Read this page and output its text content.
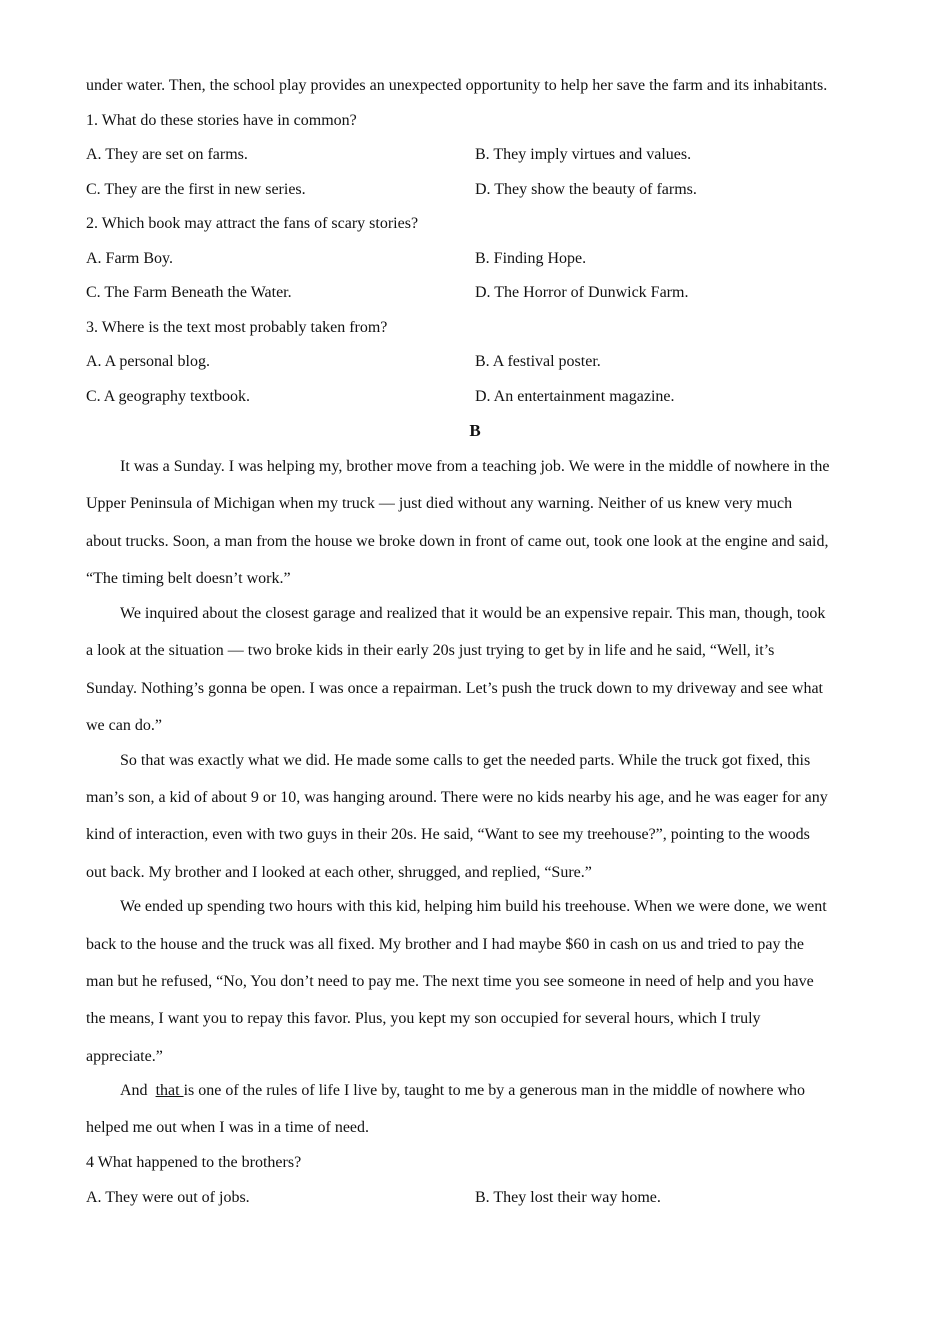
under water. Then, the school play provides an unexpected opportunity to help her save the farm and its inhabitants.
1. What do these stories have in common?
A. They are set on farms.	B. They imply virtues and values.
C. They are the first in new series.	D. They show the beauty of farms.
2. Which book may attract the fans of scary stories?
A. Farm Boy.	B. Finding Hope.
C. The Farm Beneath the Water.	D. The Horror of Dunwick Farm.
3. Where is the text most probably taken from?
A. A personal blog.	B. A festival poster.
C. A geography textbook.	D. An entertainment magazine.
B
It was a Sunday. I was helping my, brother move from a teaching job. We were in the middle of nowhere in the
Upper Peninsula of Michigan when my truck — just died without any warning. Neither of us knew very much
about trucks. Soon, a man from the house we broke down in front of came out, took one look at the engine and said,
“The timing belt doesn’t work.”
We inquired about the closest garage and realized that it would be an expensive repair. This man, though, took
a look at the situation — two broke kids in their early 20s just trying to get by in life and he said, “Well, it’s
Sunday. Nothing’s gonna be open. I was once a repairman. Let’s push the truck down to my driveway and see what
we can do.”
So that was exactly what we did. He made some calls to get the needed parts. While the truck got fixed, this
man’s son, a kid of about 9 or 10, was hanging around. There were no kids nearby his age, and he was eager for any
kind of interaction, even with two guys in their 20s. He said, “Want to see my treehouse?”, pointing to the woods
out back. My brother and I looked at each other, shrugged, and replied, “Sure.”
We ended up spending two hours with this kid, helping him build his treehouse. When we were done, we went
back to the house and the truck was all fixed. My brother and I had maybe $60 in cash on us and tried to pay the
man but he refused, “No, You don’t need to pay me. The next time you see someone in need of help and you have
the means, I want you to repay this favor. Plus, you kept my son occupied for several hours, which I truly
appreciate.”
And  that is one of the rules of life I live by, taught to me by a generous man in the middle of nowhere who
helped me out when I was in a time of need.
4 What happened to the brothers?
A. They were out of jobs.	B. They lost their way home.
